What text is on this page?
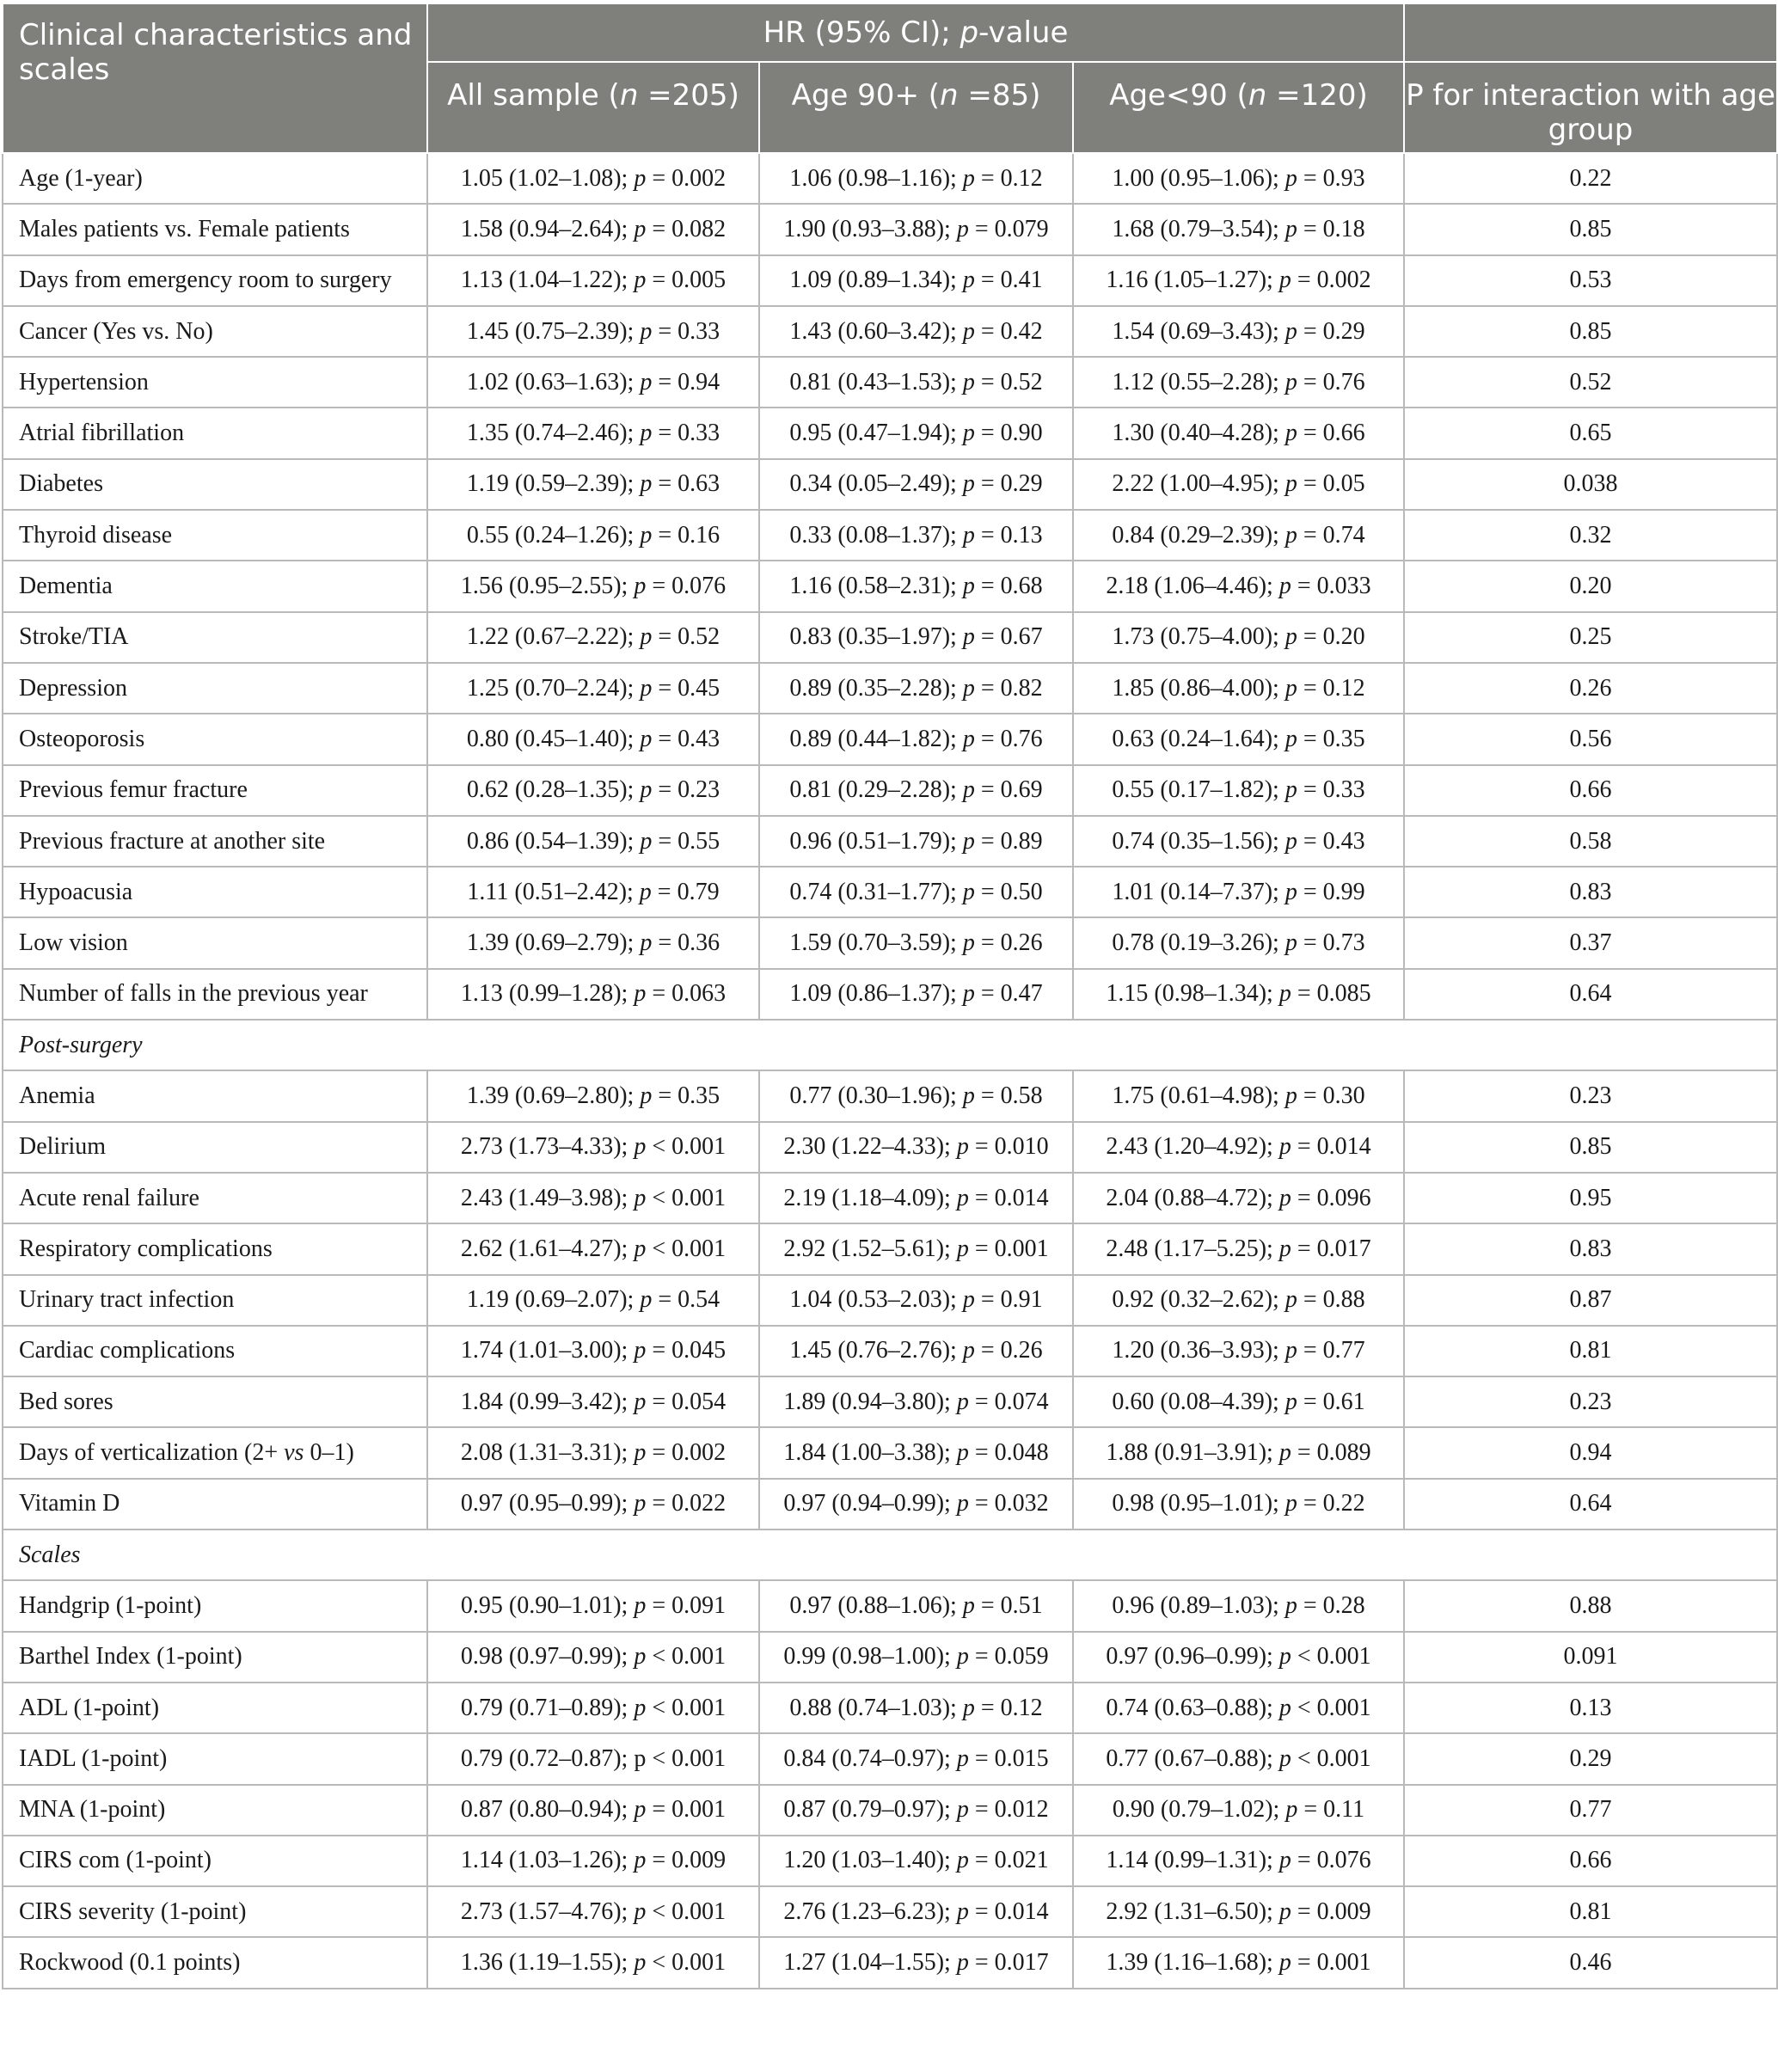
Clinical characteristics and scales	HR (95% CI); p-value			
	All sample (n =205)	Age 90+ (n =85)	Age<90 (n =120)	P for interaction with age group
Age (1-year)	1.05 (1.02–1.08); p = 0.002	1.06 (0.98–1.16); p = 0.12	1.00 (0.95–1.06); p = 0.93	0.22
Males patients vs. Female patients	1.58 (0.94–2.64); p = 0.082	1.90 (0.93–3.88); p = 0.079	1.68 (0.79–3.54); p = 0.18	0.85
Days from emergency room to surgery	1.13 (1.04–1.22); p = 0.005	1.09 (0.89–1.34); p = 0.41	1.16 (1.05–1.27); p = 0.002	0.53
Cancer (Yes vs. No)	1.45 (0.75–2.39); p = 0.33	1.43 (0.60–3.42); p = 0.42	1.54 (0.69–3.43); p = 0.29	0.85
Hypertension	1.02 (0.63–1.63); p = 0.94	0.81 (0.43–1.53); p = 0.52	1.12 (0.55–2.28); p = 0.76	0.52
Atrial fibrillation	1.35 (0.74–2.46); p = 0.33	0.95 (0.47–1.94); p = 0.90	1.30 (0.40–4.28); p = 0.66	0.65
Diabetes	1.19 (0.59–2.39); p = 0.63	0.34 (0.05–2.49); p = 0.29	2.22 (1.00–4.95); p = 0.05	0.038
Thyroid disease	0.55 (0.24–1.26); p = 0.16	0.33 (0.08–1.37); p = 0.13	0.84 (0.29–2.39); p = 0.74	0.32
Dementia	1.56 (0.95–2.55); p = 0.076	1.16 (0.58–2.31); p = 0.68	2.18 (1.06–4.46); p = 0.033	0.20
Stroke/TIA	1.22 (0.67–2.22); p = 0.52	0.83 (0.35–1.97); p = 0.67	1.73 (0.75–4.00); p = 0.20	0.25
Depression	1.25 (0.70–2.24); p = 0.45	0.89 (0.35–2.28); p = 0.82	1.85 (0.86–4.00); p = 0.12	0.26
Osteoporosis	0.80 (0.45–1.40); p = 0.43	0.89 (0.44–1.82); p = 0.76	0.63 (0.24–1.64); p = 0.35	0.56
Previous femur fracture	0.62 (0.28–1.35); p = 0.23	0.81 (0.29–2.28); p = 0.69	0.55 (0.17–1.82); p = 0.33	0.66
Previous fracture at another site	0.86 (0.54–1.39); p = 0.55	0.96 (0.51–1.79); p = 0.89	0.74 (0.35–1.56); p = 0.43	0.58
Hypoacusia	1.11 (0.51–2.42); p = 0.79	0.74 (0.31–1.77); p = 0.50	1.01 (0.14–7.37); p = 0.99	0.83
Low vision	1.39 (0.69–2.79); p = 0.36	1.59 (0.70–3.59); p = 0.26	0.78 (0.19–3.26); p = 0.73	0.37
Number of falls in the previous year	1.13 (0.99–1.28); p = 0.063	1.09 (0.86–1.37); p = 0.47	1.15 (0.98–1.34); p = 0.085	0.64
Post-surgery				
Anemia	1.39 (0.69–2.80); p = 0.35	0.77 (0.30–1.96); p = 0.58	1.75 (0.61–4.98); p = 0.30	0.23
Delirium	2.73 (1.73–4.33); p < 0.001	2.30 (1.22–4.33); p = 0.010	2.43 (1.20–4.92); p = 0.014	0.85
Acute renal failure	2.43 (1.49–3.98); p < 0.001	2.19 (1.18–4.09); p = 0.014	2.04 (0.88–4.72); p = 0.096	0.95
Respiratory complications	2.62 (1.61–4.27); p < 0.001	2.92 (1.52–5.61); p = 0.001	2.48 (1.17–5.25); p = 0.017	0.83
Urinary tract infection	1.19 (0.69–2.07); p = 0.54	1.04 (0.53–2.03); p = 0.91	0.92 (0.32–2.62); p = 0.88	0.87
Cardiac complications	1.74 (1.01–3.00); p = 0.045	1.45 (0.76–2.76); p = 0.26	1.20 (0.36–3.93); p = 0.77	0.81
Bed sores	1.84 (0.99–3.42); p = 0.054	1.89 (0.94–3.80); p = 0.074	0.60 (0.08–4.39); p = 0.61	0.23
Days of verticalization (2+ vs 0–1)	2.08 (1.31–3.31); p = 0.002	1.84 (1.00–3.38); p = 0.048	1.88 (0.91–3.91); p = 0.089	0.94
Vitamin D	0.97 (0.95–0.99); p = 0.022	0.97 (0.94–0.99); p = 0.032	0.98 (0.95–1.01); p = 0.22	0.64
Scales				
Handgrip (1-point)	0.95 (0.90–1.01); p = 0.091	0.97 (0.88–1.06); p = 0.51	0.96 (0.89–1.03); p = 0.28	0.88
Barthel Index (1-point)	0.98 (0.97–0.99); p < 0.001	0.99 (0.98–1.00); p = 0.059	0.97 (0.96–0.99); p < 0.001	0.091
ADL (1-point)	0.79 (0.71–0.89); p < 0.001	0.88 (0.74–1.03); p = 0.12	0.74 (0.63–0.88); p < 0.001	0.13
IADL (1-point)	0.79 (0.72–0.87); p < 0.001	0.84 (0.74–0.97); p = 0.015	0.77 (0.67–0.88); p < 0.001	0.29
MNA (1-point)	0.87 (0.80–0.94); p = 0.001	0.87 (0.79–0.97); p = 0.012	0.90 (0.79–1.02); p = 0.11	0.77
CIRS com (1-point)	1.14 (1.03–1.26); p = 0.009	1.20 (1.03–1.40); p = 0.021	1.14 (0.99–1.31); p = 0.076	0.66
CIRS severity (1-point)	2.73 (1.57–4.76); p < 0.001	2.76 (1.23–6.23); p = 0.014	2.92 (1.31–6.50); p = 0.009	0.81
Rockwood (0.1 points)	1.36 (1.19–1.55); p < 0.001	1.27 (1.04–1.55); p = 0.017	1.39 (1.16–1.68); p = 0.001	0.46
